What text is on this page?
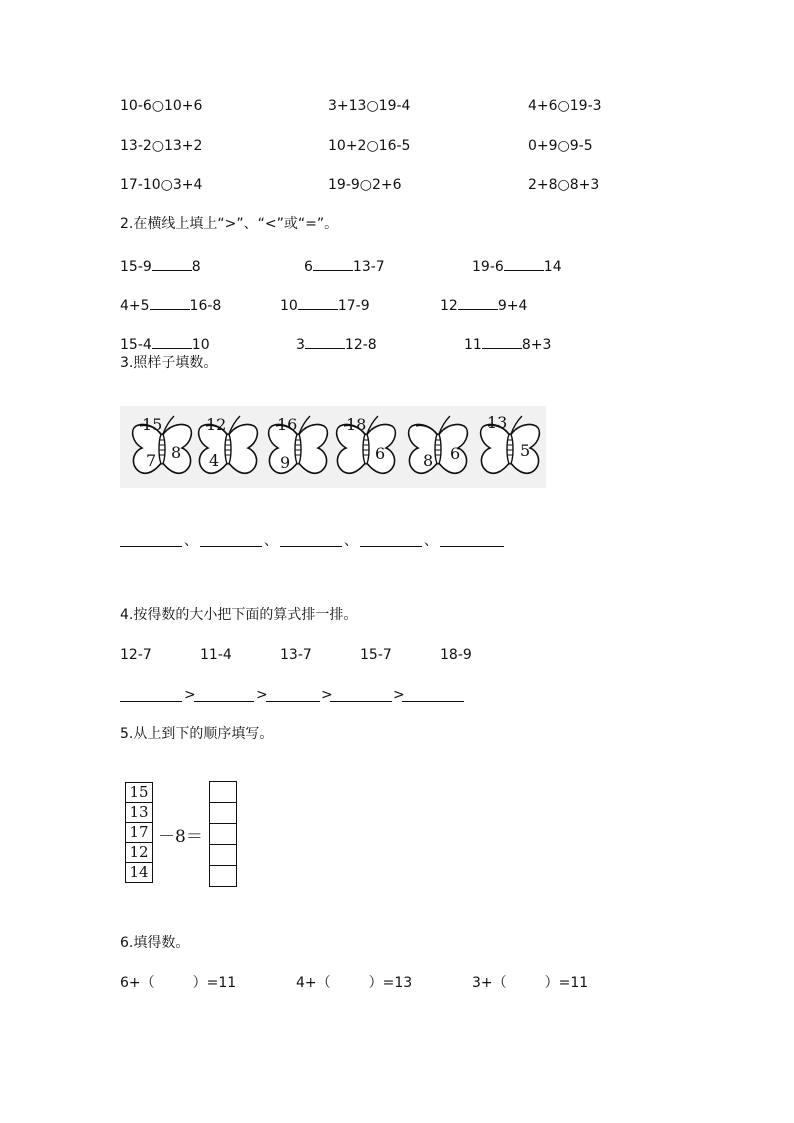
10-6○10+6	3+13○19-4	4+6○19-3
13-2○13+2	10+2○16-5	0+9○9-5
17-10○3+4	19-9○2+6	2+8○8+3
2.在横线上填上“>”、“<”或“=”。
15-9	8	6	13-7	19-6	14
4+5	16-8	10	17-9	12	9+4
15-4	10	3	12-8	11	8+3
3.照样子填数。
15
7 8
12
4
16
9
18
6 8 6
13
5
、	、	、	、
4.按得数的大小把下面的算式排一排。
12-7	11-4	13-7	15-7	18-9
>	>	>	>
5.从上到下的顺序填写。
15
13
17
12
14
－8＝
6.填得数。
6+（	）=11	4+（	）=13	3+（	）=11
